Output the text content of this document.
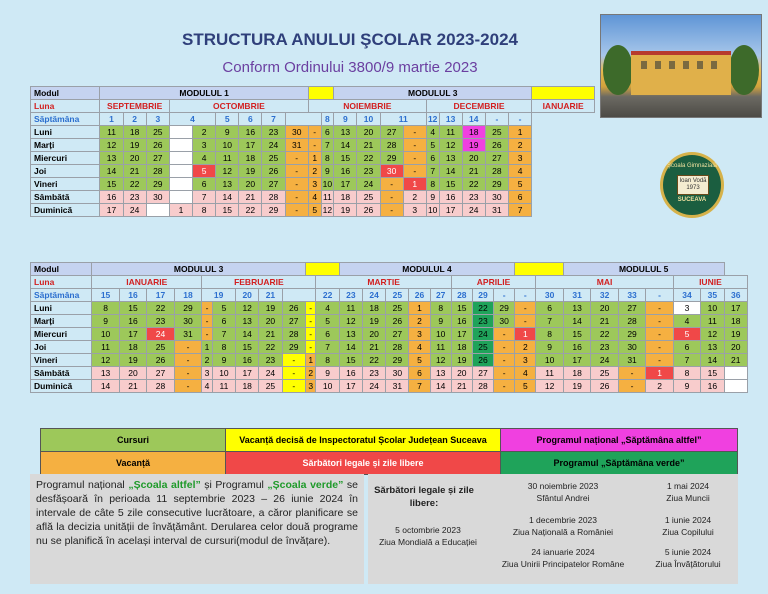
STRUCTURA ANULUI ŞCOLAR 2023-2024
Conform Ordinului 3800/9 martie 2023
Şcoala Gimnazială
Ioan Vodă
1973
SUCEAVA
Modul	MODULUL 1											MODULUL 3									
Luna	SEPTEMBRIE			OCTOMBRIE						NOIEMBRIE						DECEMBRIE					IANUARIE
Săptămâna	1	2	3	4		5	6	7			8	9	10	11		12	13	14	-	-	
Luni	11	18	25		2	9	16	23	30	-	6	13	20	27	-	4	11	18	25	1	
Marți	12	19	26		3	10	17	24	31	-	7	14	21	28	-	5	12	19	26	2	
Miercuri	13	20	27		4	11	18	25	-	1	8	15	22	29	-	6	13	20	27	3	
Joi	14	21	28		5	12	19	26	-	2	9	16	23	30	-	7	14	21	28	4	
Vineri	15	22	29		6	13	20	27	-	3	10	17	24	-	1	8	15	22	29	5	
Sâmbătă	16	23	30		7	14	21	28	-	4	11	18	25	-	2	9	16	23	30	6	
Duminică	17	24		1	8	15	22	29	-	5	12	19	26	-	3	10	17	24	31	7	
Modul	MODULUL 3											MODULUL 4										MODULUL 5						
Luna	IANUARIE				FEBRUARIE						MARTIE						APRILIE				MAI					IUNIE		
Săptămâna	15	16	17	18	19		20	21			22	23	24	25	26	27	28	29	-	-	30	31	32	33	-	34	35	36
Luni	8	15	22	29	-	5	12	19	26	-	4	11	18	25	1	8	15	22	29	-	6	13	20	27	-	3	10	17
Marți	9	16	23	30	-	6	13	20	27	-	5	12	19	26	2	9	16	23	30	-	7	14	21	28	-	4	11	18
Miercuri	10	17	24	31	-	7	14	21	28	-	6	13	20	27	3	10	17	24	-	1	8	15	22	29	-	5	12	19
Joi	11	18	25	-	1	8	15	22	29	-	7	14	21	28	4	11	18	25	-	2	9	16	23	30	-	6	13	20
Vineri	12	19	26	-	2	9	16	23	-	1	8	15	22	29	5	12	19	26	-	3	10	17	24	31	-	7	14	21
Sâmbătă	13	20	27	-	3	10	17	24	-	2	9	16	23	30	6	13	20	27	-	4	11	18	25	-	1	8	15	
Duminică	14	21	28	-	4	11	18	25	-	3	10	17	24	31	7	14	21	28	-	5	12	19	26	-	2	9	16	
Cursuri	Vacanță decisă de Inspectoratul Școlar Județean Suceava	Programul național „Săptămâna altfel”
Vacanță	Sărbători legale și zile libere	Programul „Săptămâna verde”
Programul național „Școala altfel” și Programul „Școala verde” se desfășoară în perioada 11 septembrie 2023 – 26 iunie 2024 în intervale de câte 5 zile consecutive lucrătoare, a căror planificare se află la decizia unității de învățământ. Derularea celor două programe nu se planifică în același interval de cursuri(modul de învățare).
Sărbători legale și zile libere:
5 octombrie 2023
Ziua Mondială a Educației
30 noiembrie 2023
Sfântul Andrei
1 decembrie 2023
Ziua Națională a României
24 ianuarie 2024
Ziua Unirii Principatelor Române
1 mai 2024
Ziua Muncii
1 iunie 2024
Ziua Copilului
5 iunie 2024
Ziua Învățătorului
